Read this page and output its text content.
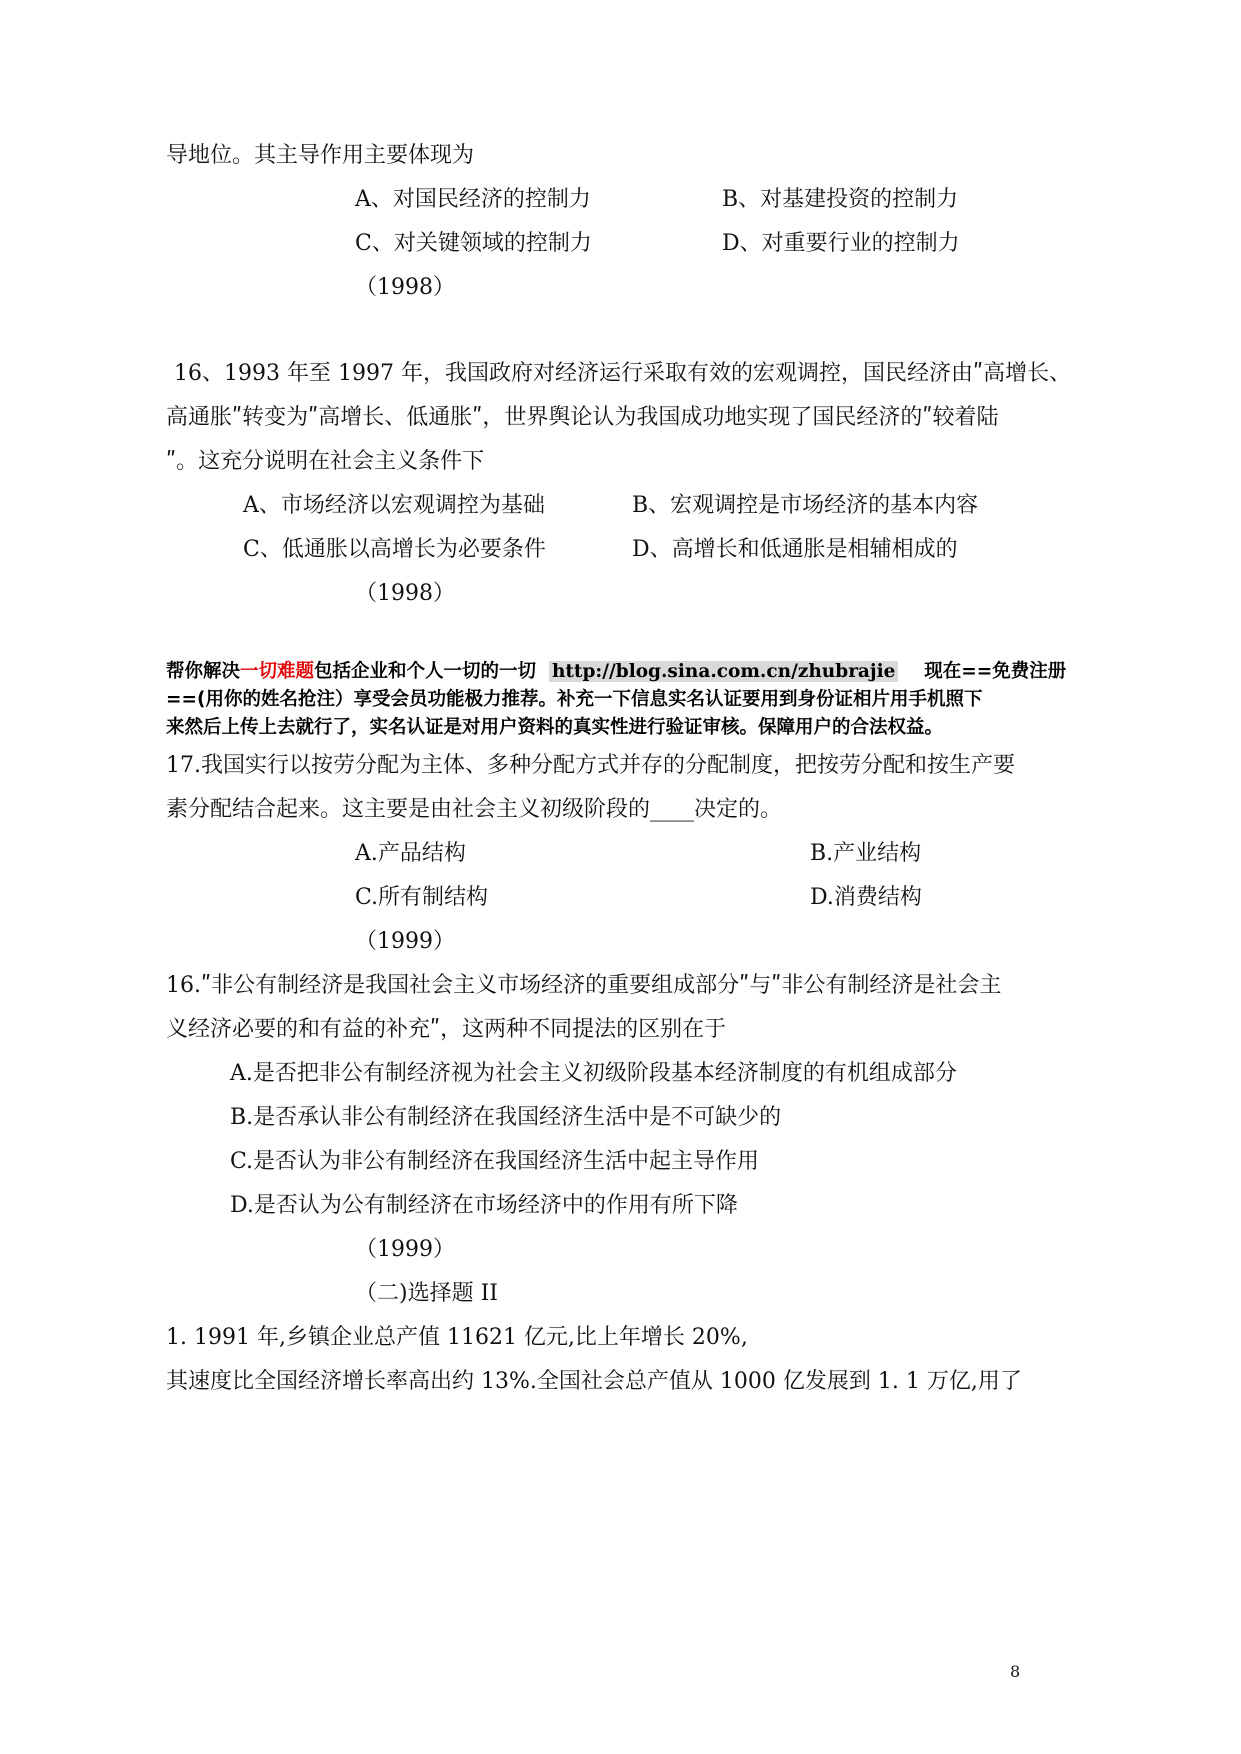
导地位。其主导作用主要体现为
A、对国民经济的控制力	B、对基建投资的控制力
C、对关键领域的控制力	D、对重要行业的控制力
（1998）
16、1993 年至 1997 年，我国政府对经济运行采取有效的宏观调控，国民经济由ʺ高增长、
高通胀ʺ转变为ʺ高增长、低通胀ʺ，世界舆论认为我国成功地实现了国民经济的ʺ较着陆
ʺ。这充分说明在社会主义条件下
A、市场经济以宏观调控为基础	B、宏观调控是市场经济的基本内容
C、低通胀以高增长为必要条件	D、高增长和低通胀是相辅相成的
（1998）
帮你解决一切难题包括企业和个人一切的一切 http://blog.sina.com.cn/zhubrajie 现在==免费注册
==(用你的姓名抢注）享受会员功能极力推荐。补充一下信息实名认证要用到身份证相片用手机照下
来然后上传上去就行了，实名认证是对用户资料的真实性进行验证审核。保障用户的合法权益。
17.我国实行以按劳分配为主体、多种分配方式并存的分配制度，把按劳分配和按生产要
素分配结合起来。这主要是由社会主义初级阶段的____决定的。
A.产品结构	B.产业结构
C.所有制结构	D.消费结构
（1999）
16.ʺ非公有制经济是我国社会主义市场经济的重要组成部分ʺ与ʺ非公有制经济是社会主
义经济必要的和有益的补充ʺ，这两种不同提法的区别在于
A.是否把非公有制经济视为社会主义初级阶段基本经济制度的有机组成部分
B.是否承认非公有制经济在我国经济生活中是不可缺少的
C.是否认为非公有制经济在我国经济生活中起主导作用
D.是否认为公有制经济在市场经济中的作用有所下降
（1999）
（二)选择题 II
1. 1991 年,乡镇企业总产值 11621 亿元,比上年增长 20%,
其速度比全国经济增长率高出约 13%.全国社会总产值从 1000 亿发展到 1. 1 万亿,用了
8
